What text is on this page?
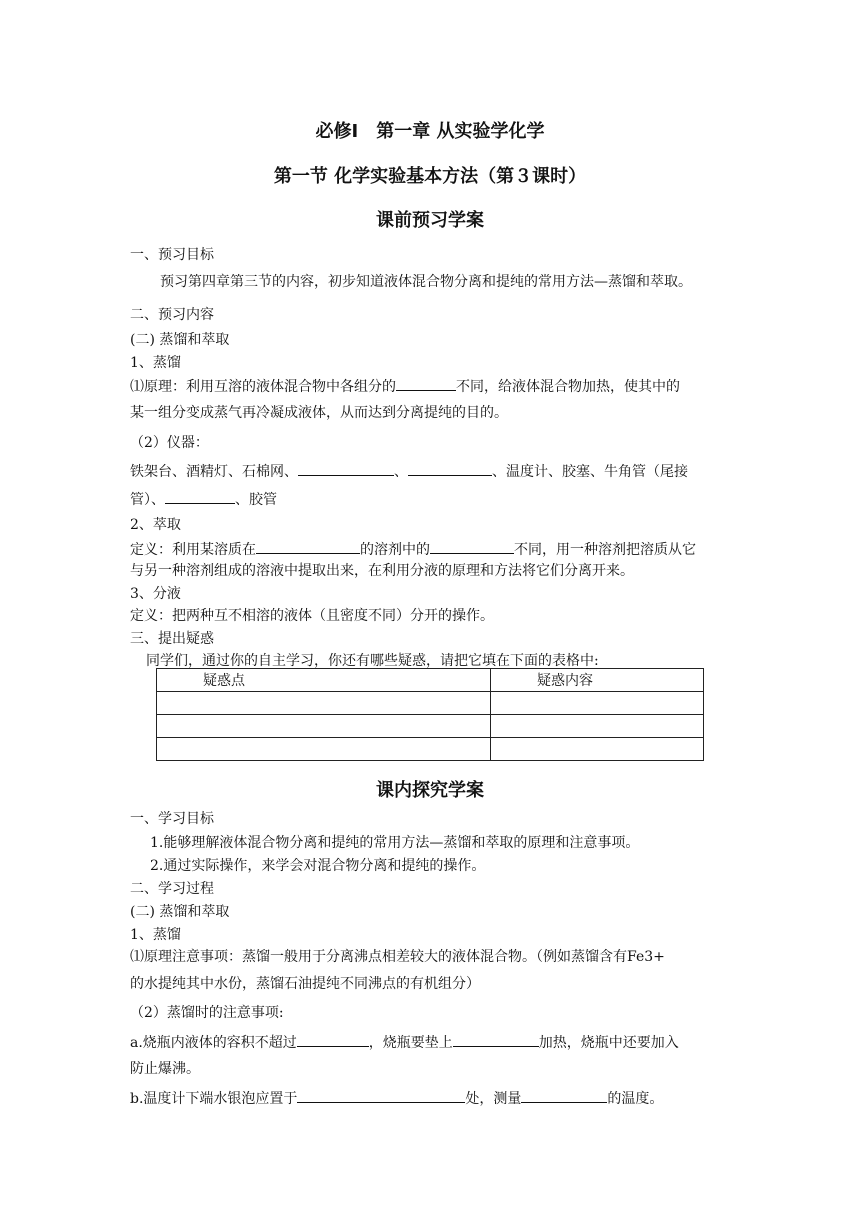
必修Ⅰ　第一章 从实验学化学
第一节 化学实验基本方法（第３课时）
课前预习学案
一、预习目标
预习第四章第三节的内容，初步知道液体混合物分离和提纯的常用方法—蒸馏和萃取。
二、预习内容
(二) 蒸馏和萃取
1、蒸馏
⑴原理：利用互溶的液体混合物中各组分的	不同，给液体混合物加热，使其中的
某一组分变成蒸气再冷凝成液体，从而达到分离提纯的目的。
（2）仪器：
铁架台、酒精灯、石棉网、	、	、温度计、胶塞、牛角管（尾接
管）、	、胶管
2、萃取
定义：利用某溶质在	的溶剂中的	不同，用一种溶剂把溶质从它
与另一种溶剂组成的溶液中提取出来，在利用分液的原理和方法将它们分离开来。
3、分液
定义：把两种互不相溶的液体（且密度不同）分开的操作。
三、提出疑惑
同学们，通过你的自主学习，你还有哪些疑惑，请把它填在下面的表格中:
疑惑点	疑惑内容

课内探究学案
一、学习目标
1.能够理解液体混合物分离和提纯的常用方法—蒸馏和萃取的原理和注意事项。
2.通过实际操作，来学会对混合物分离和提纯的操作。
二、学习过程
(二) 蒸馏和萃取
1、蒸馏
⑴原理注意事项：蒸馏一般用于分离沸点相差较大的液体混合物。（例如蒸馏含有Fe3+
的水提纯其中水份，蒸馏石油提纯不同沸点的有机组分）
（2）蒸馏时的注意事项:
a.烧瓶内液体的容积不超过	，烧瓶要垫上	加热，烧瓶中还要加入
防止爆沸。
b.温度计下端水银泡应置于	处，测量	的温度。
